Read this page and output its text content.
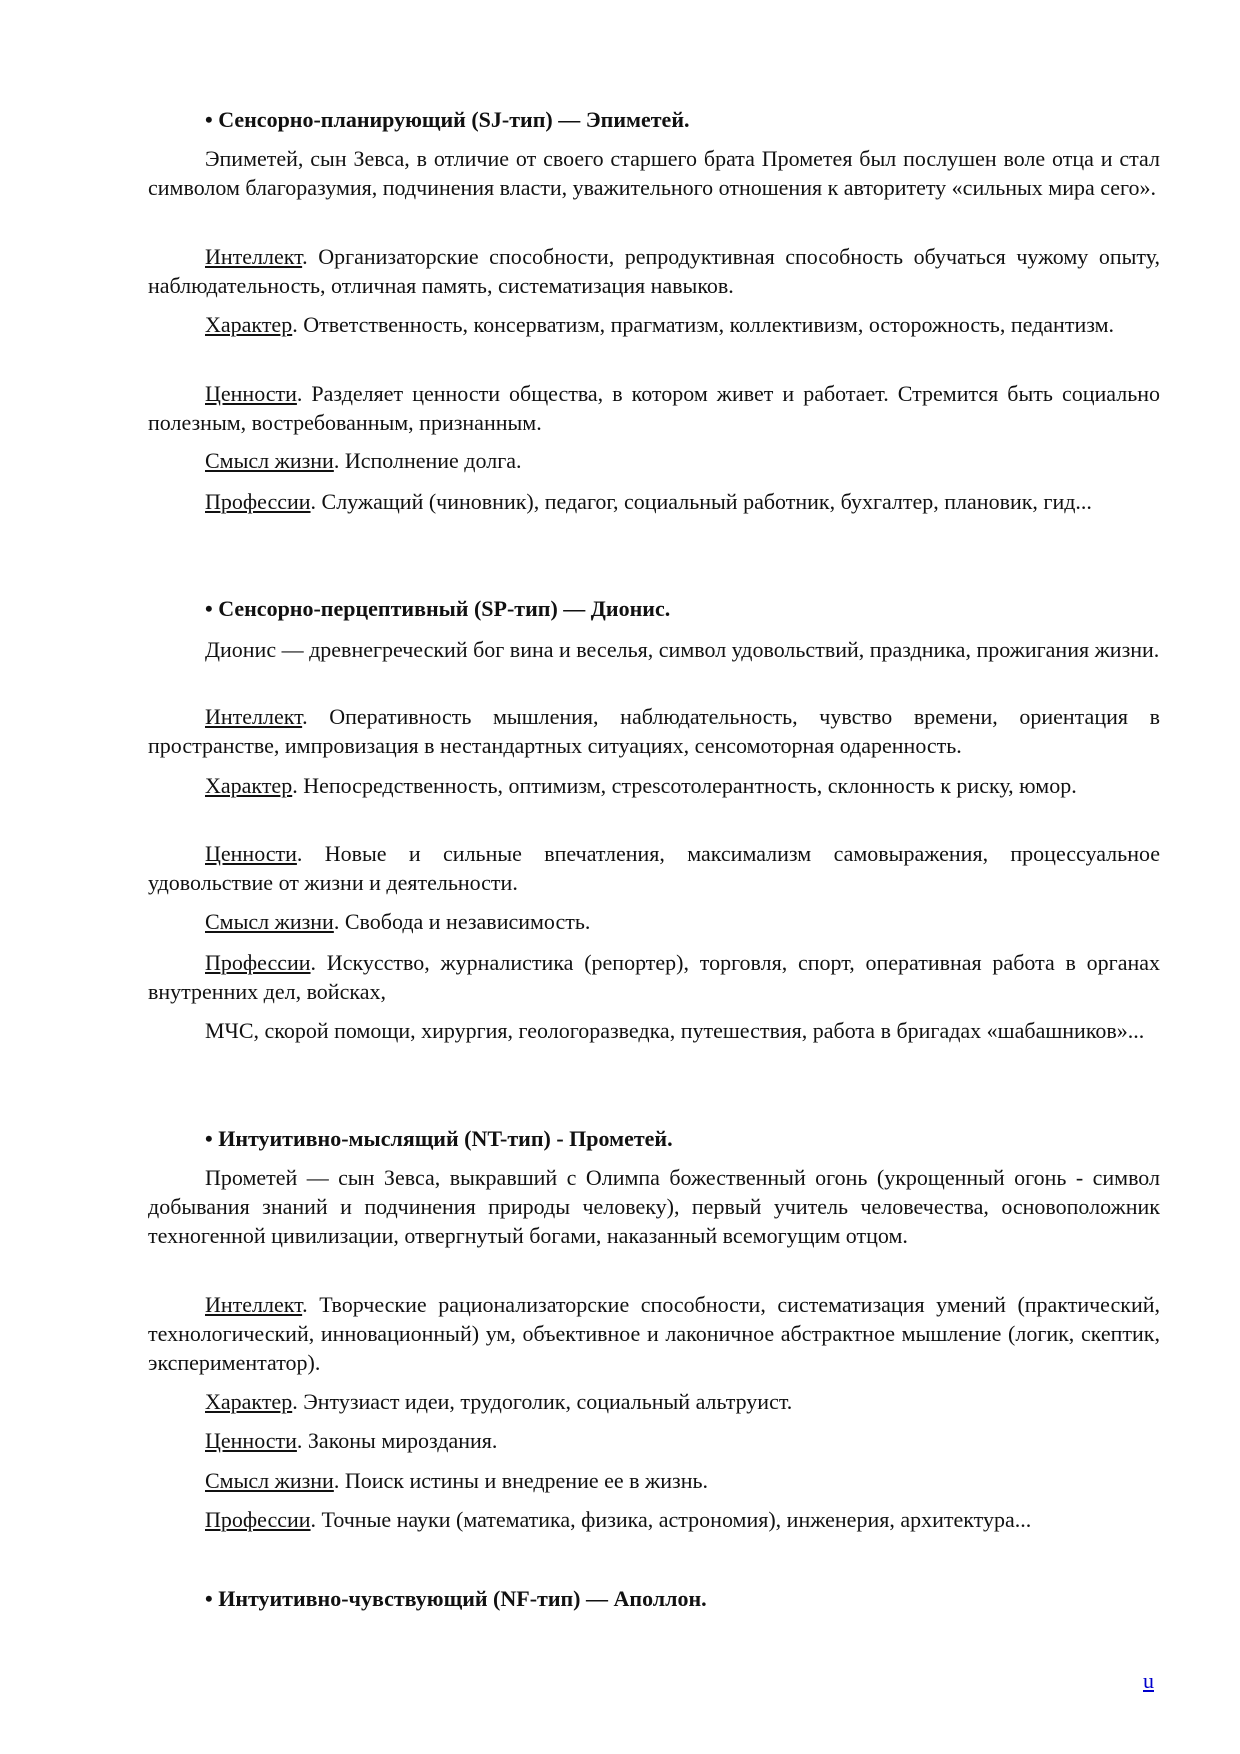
• Сенсорно-планирующий (SJ-тип) — Эпиметей.

Эпиметей, сын Зевса, в отличие от своего старшего брата Прометея был послушен воле отца и стал символом благоразумия, подчинения власти, уважительного отношения к авторитету «сильных мира сего».

Интеллект. Организаторские способности, репродуктивная способность обучаться чужому опыту, наблюдательность, отличная память, систематизация навыков.

Характер. Ответственность, консерватизм, прагматизм, коллективизм, осторожность, педантизм.

Ценности. Разделяет ценности общества, в котором живет и работает. Стремится быть социально полезным, востребованным, признанным.

Смысл жизни. Исполнение долга.

Профессии. Служащий (чиновник), педагог, социальный работник, бухгалтер, плановик, гид...

• Сенсорно-перцептивный (SP-тип) — Дионис.

Дионис — древнегреческий бог вина и веселья, символ удовольствий, праздника, прожигания жизни.

Интеллект. Оперативность мышления, наблюдательность, чувство времени, ориентация в пространстве, импровизация в нестандартных ситуациях, сенсомоторная одаренность.

Характер. Непосредственность, оптимизм, стрesсотолерантность, склонность к риску, юмор.

Ценности. Новые и сильные впечатления, максимализм самовыражения, процессуальное удовольствие от жизни и деятельности.

Смысл жизни. Свобода и независимость.

Профессии. Искусство, журналистика (репортер), торговля, спорт, оперативная работа в органах внутренних дел, войсках,

МЧС, скорой помощи, хирургия, геологоразведка, путешествия, работа в бригадах «шабашников»...

• Интуитивно-мыслящий (NT-тип) - Прометей.

Прометей — сын Зевса, выкравший с Олимпа божественный огонь (укрощенный огонь - символ добывания знаний и подчинения природы человеку), первый учитель человечества, основоположник техногенной цивилизации, отвергнутый богами, наказанный всемогущим отцом.

Интеллект. Творческие рационализаторские способности, систематизация умений (практический, технологический, инновационный) ум, объективное и лаконичное абстрактное мышление (логик, скептик, экспериментатор).

Характер. Энтузиаст идеи, трудоголик, социальный альтруист.

Ценности. Законы мироздания.

Смысл жизни. Поиск истины и внедрение ее в жизнь.

Профессии. Точные науки (математика, физика, астрономия), инженерия, архитектура...

• Интуитивно-чувствующий (NF-тип) — Аполлон.

u
